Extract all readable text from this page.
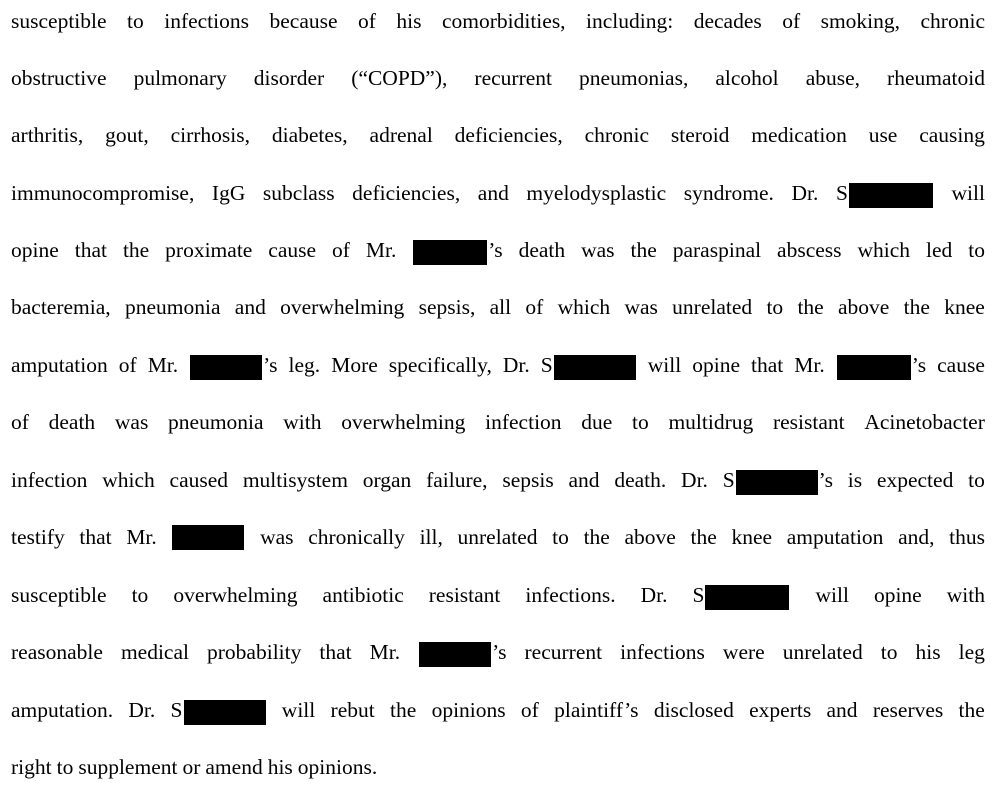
susceptible to infections because of his comorbidities, including: decades of smoking, chronic
obstructive pulmonary disorder (“COPD”), recurrent pneumonias, alcohol abuse, rheumatoid
arthritis, gout, cirrhosis, diabetes, adrenal deficiencies, chronic steroid medication use causing
immunocompromise, IgG subclass deficiencies, and myelodysplastic syndrome. Dr. S	will
opine that the proximate cause of Mr.	’s death was the paraspinal abscess which led to
bacteremia, pneumonia and overwhelming sepsis, all of which was unrelated to the above the knee
amputation of Mr.	’s leg. More specifically, Dr. S	will opine that Mr.	’s cause
of death was pneumonia with overwhelming infection due to multidrug resistant Acinetobacter
infection which caused multisystem organ failure, sepsis and death. Dr. S	’s is expected to
testify that Mr.	was chronically ill, unrelated to the above the knee amputation and, thus
susceptible to overwhelming antibiotic resistant infections. Dr. S	will opine with
reasonable medical probability that Mr.	’s recurrent infections were unrelated to his leg
amputation. Dr. S	will rebut the opinions of plaintiff’s disclosed experts and reserves the
right to supplement or amend his opinions.
